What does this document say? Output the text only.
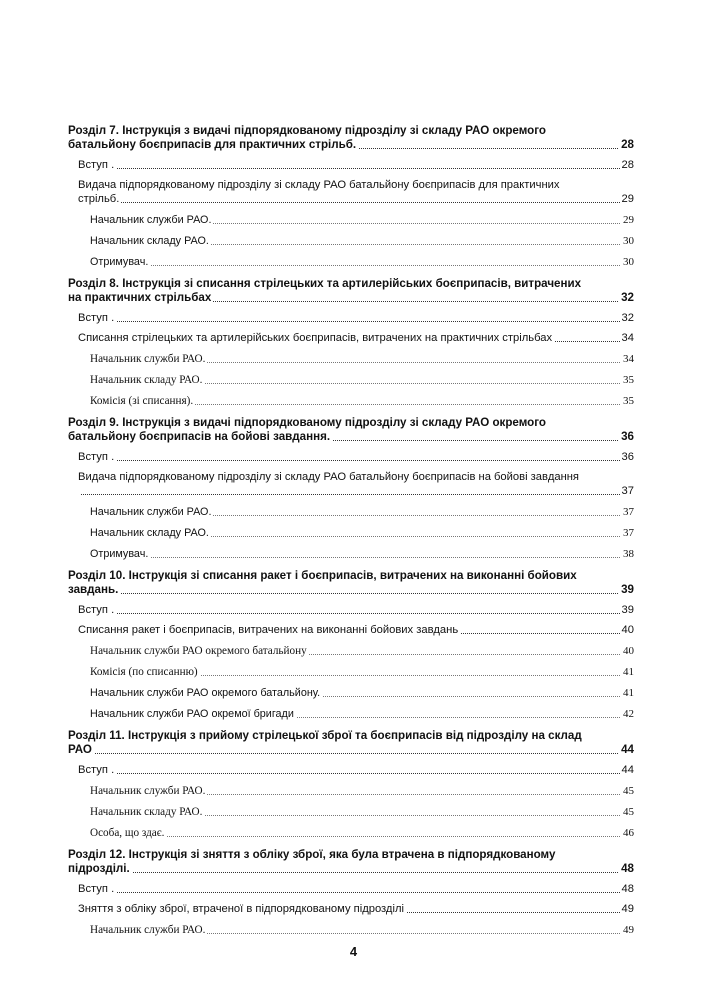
Розділ 7. Інструкція з видачі підпорядкованому підрозділу зі складу РАО окремого
батальйону боєприпасів для практичних стрільб.	28
Вступ .	28
Видача підпорядкованому підрозділу зі складу РАО батальйону боєприпасів для практичних
стрільб.	29
Начальник служби РАО.	29
Начальник складу РАО.	30
Отримувач.	30
Розділ 8. Інструкція зі списання стрілецьких та артилерійських боєприпасів, витрачених
на практичних стрільбах	32
Вступ .	32
Списання стрілецьких та артилерійських боєприпасів, витрачених на практичних стрільбах	34
Начальник служби РАО.	34
Начальник складу РАО.	35
Комісія (зі списання).	35
Розділ 9. Інструкція з видачі підпорядкованому підрозділу зі складу РАО окремого
батальйону боєприпасів на бойові завдання.	36
Вступ .	36
Видача підпорядкованому підрозділу зі складу РАО батальйону боєприпасів на бойові завдання
37
Начальник служби РАО.	37
Начальник складу РАО.	37
Отримувач.	38
Розділ 10. Інструкція зі списання ракет і боєприпасів, витрачених на виконанні бойових
завдань.	39
Вступ .	39
Списання ракет і боєприпасів, витрачених на виконанні бойових завдань	40
Начальник служби РАО окремого батальйону	40
Комісія (по списанню)	41
Начальник служби РАО окремого батальйону.	41
Начальник служби РАО окремої бригади	42
Розділ 11. Інструкція з прийому стрілецької зброї та боєприпасів від підрозділу на склад
РАО	44
Вступ .	44
Начальник служби РАО.	45
Начальник складу РАО.	45
Особа, що здає.	46
Розділ 12. Інструкція зі зняття з обліку зброї, яка була втрачена в підпорядкованому
підрозділі.	48
Вступ .	48
Зняття з обліку зброї, втраченої в підпорядкованому підрозділі	49
Начальник служби РАО.	49
4
